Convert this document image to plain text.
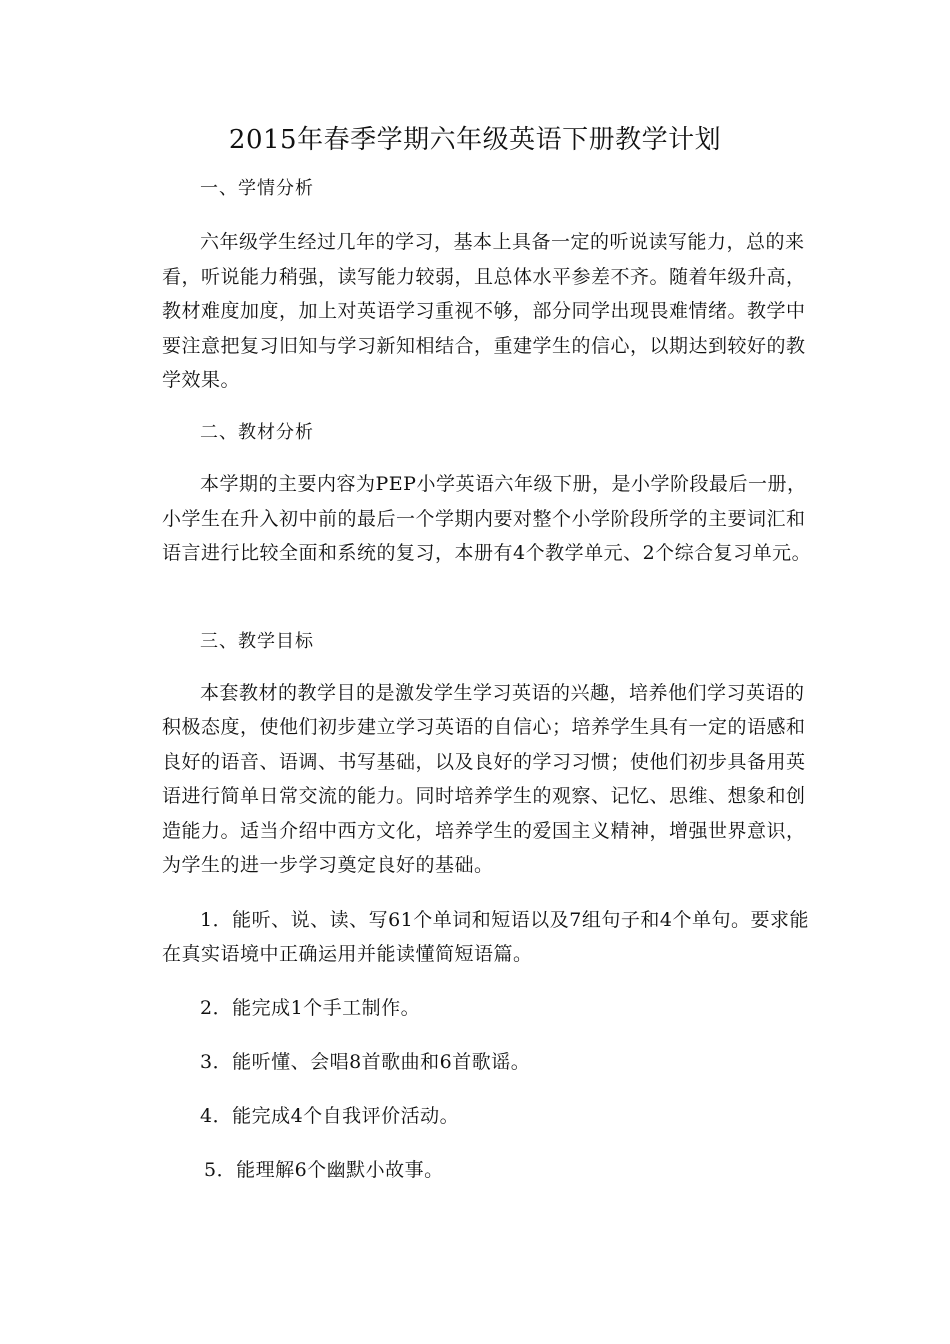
2015年春季学期六年级英语下册教学计划
一、学情分析
六年级学生经过几年的学习，基本上具备一定的听说读写能力，总的来
看，听说能力稍强，读写能力较弱，且总体水平参差不齐。随着年级升高，
教材难度加度，加上对英语学习重视不够，部分同学出现畏难情绪。教学中
要注意把复习旧知与学习新知相结合，重建学生的信心，以期达到较好的教
学效果。
二、教材分析
本学期的主要内容为PEP小学英语六年级下册，是小学阶段最后一册，
小学生在升入初中前的最后一个学期内要对整个小学阶段所学的主要词汇和
语言进行比较全面和系统的复习，本册有4个教学单元、2个综合复习单元。
三、教学目标
本套教材的教学目的是激发学生学习英语的兴趣，培养他们学习英语的
积极态度，使他们初步建立学习英语的自信心；培养学生具有一定的语感和
良好的语音、语调、书写基础，以及良好的学习习惯；使他们初步具备用英
语进行简单日常交流的能力。同时培养学生的观察、记忆、思维、想象和创
造能力。适当介绍中西方文化，培养学生的爱国主义精神，增强世界意识，
为学生的进一步学习奠定良好的基础。
1．能听、说、读、写61个单词和短语以及7组句子和4个单句。要求能
在真实语境中正确运用并能读懂简短语篇。
2．能完成1个手工制作。
3．能听懂、会唱8首歌曲和6首歌谣。
4．能完成4个自我评价活动。
5．能理解6个幽默小故事。
